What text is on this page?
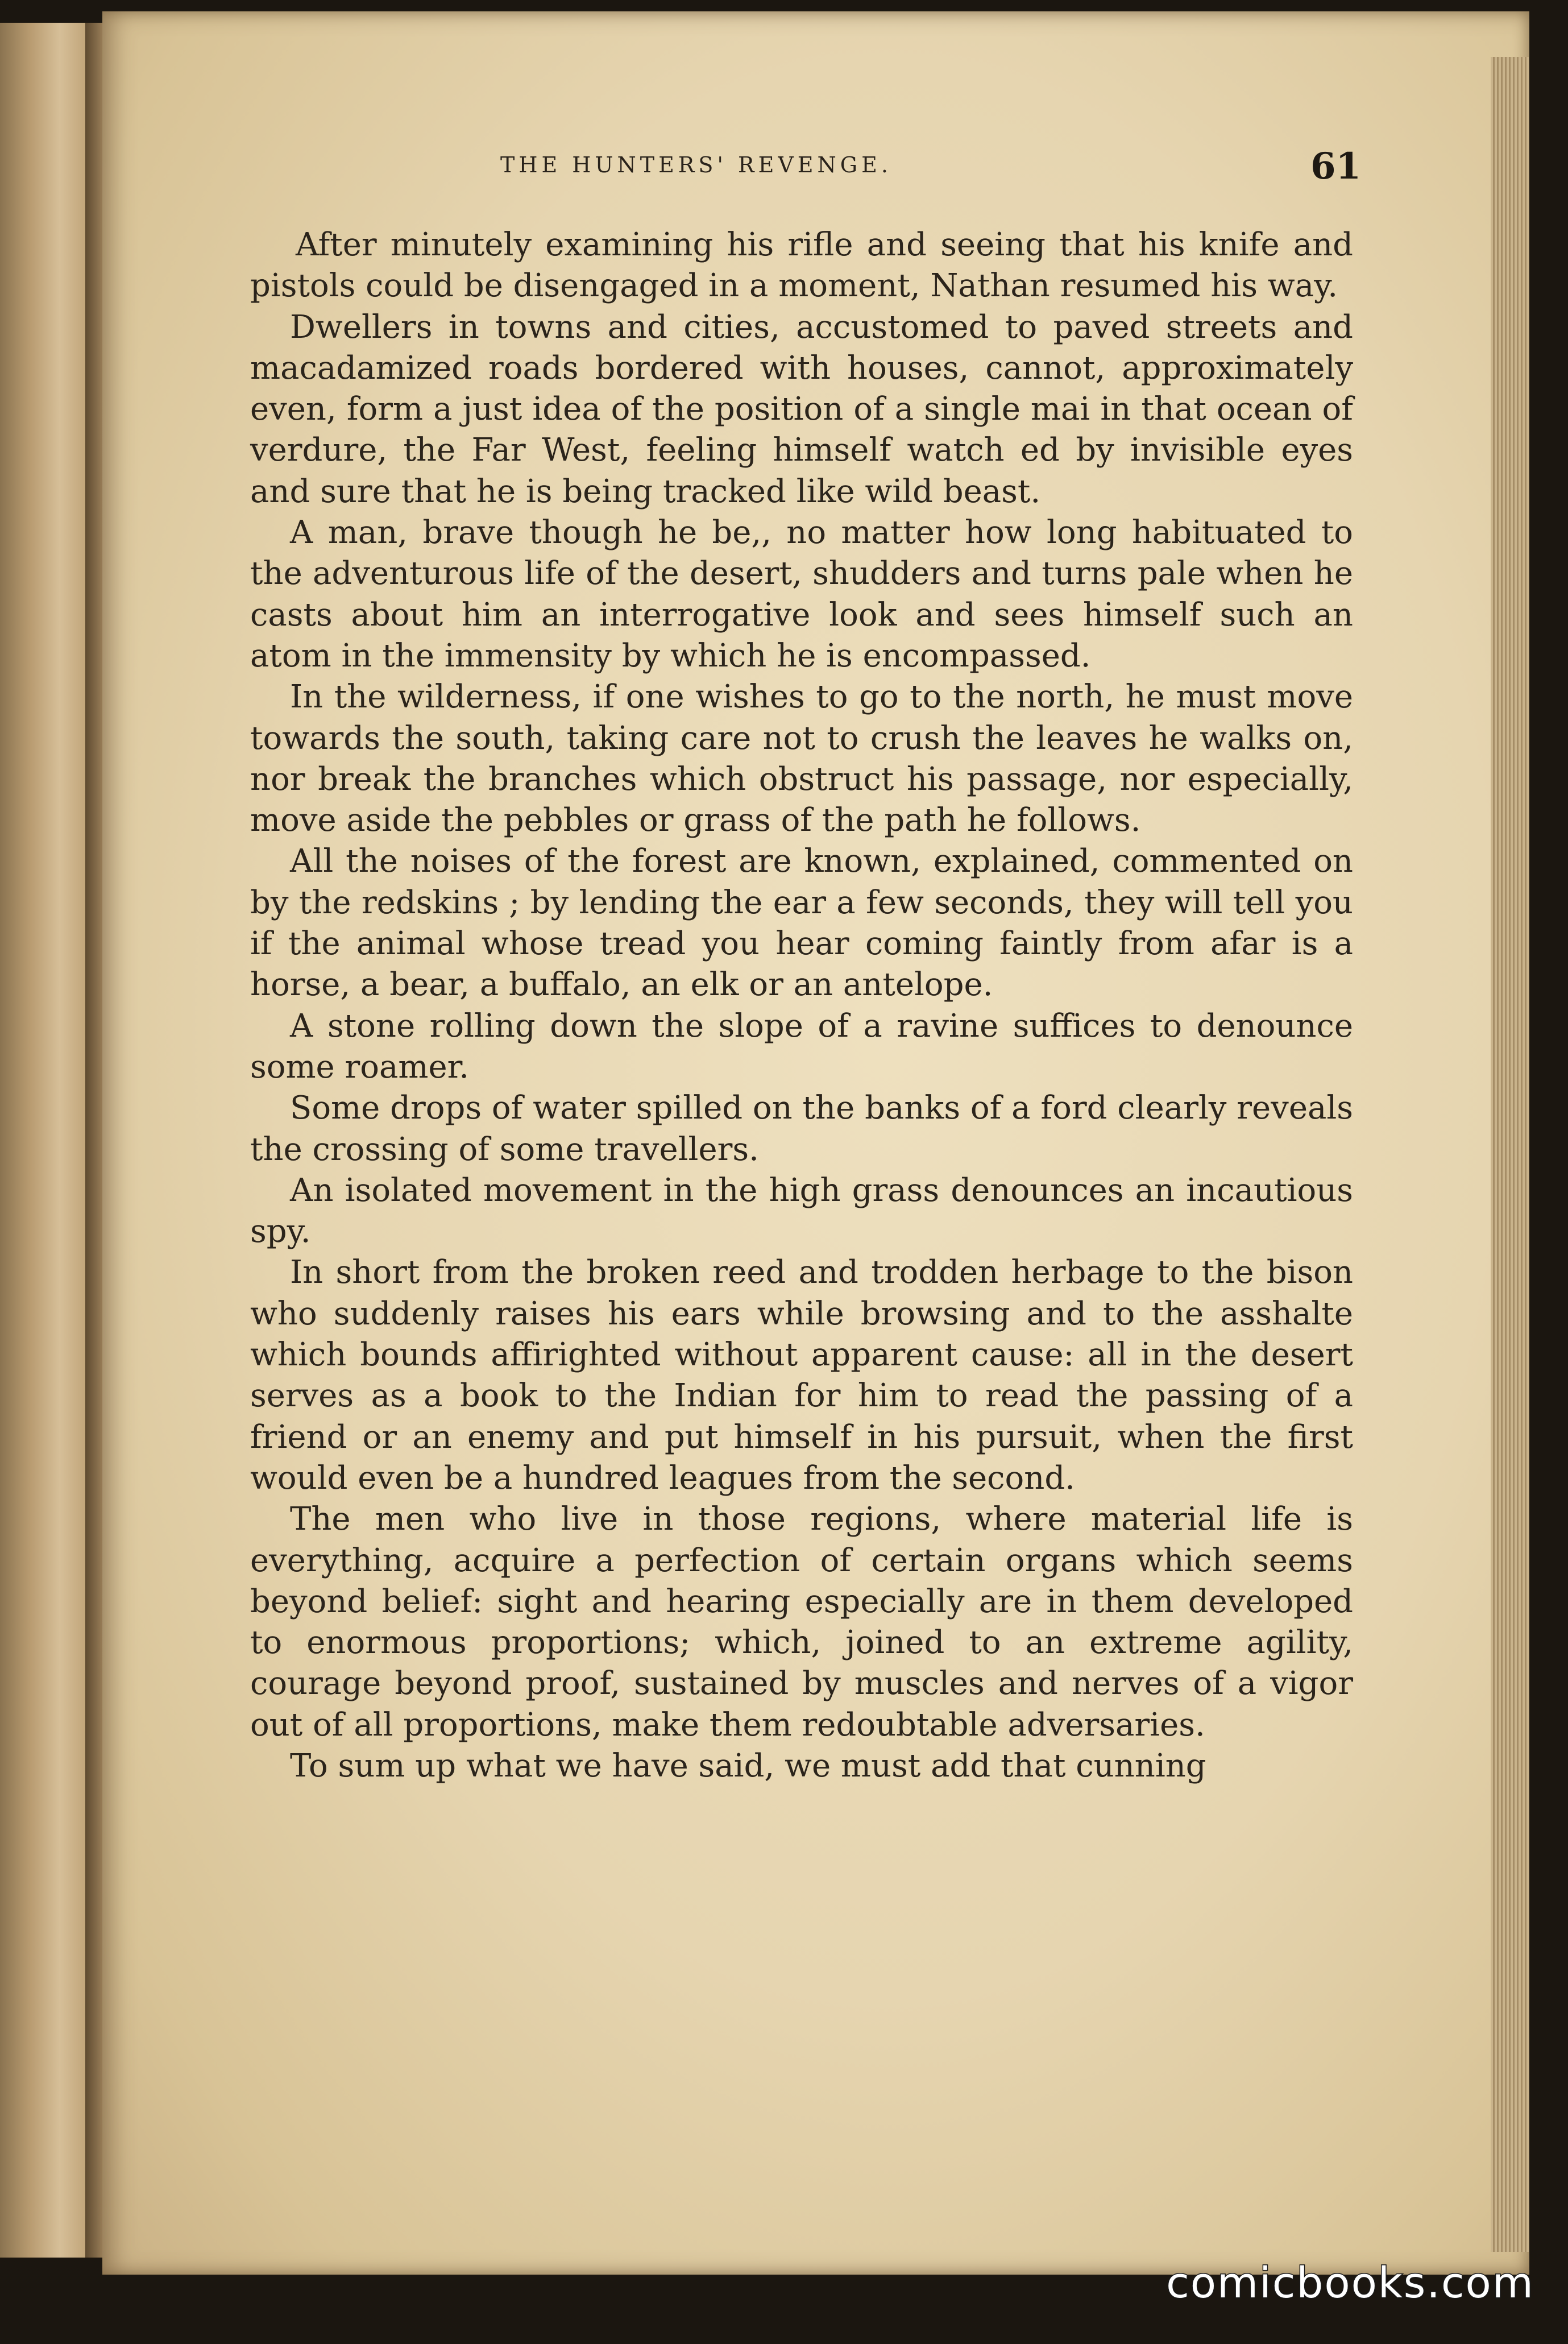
THE HUNTERS' REVENGE.	61

After minutely examining his rifle and seeing that his knife and pistols could be disengaged in a moment, Nathan resumed his way.

Dwellers in towns and cities, accustomed to paved streets and macadamized roads bordered with houses, cannot, approximately even, form a just idea of the position of a single mai in that ocean of verdure, the Far West, feeling himself watch ed by invisible eyes and sure that he is being tracked like wild beast.

A man, brave though he be,, no matter how long habituated to the adventurous life of the desert, shudders and turns pale when he casts about him an interrogative look and sees himself such an atom in the immensity by which he is encompassed.

In the wilderness, if one wishes to go to the north, he must move towards the south, taking care not to crush the leaves he walks on, nor break the branches which obstruct his passage, nor especially, move aside the pebbles or grass of the path he follows.

All the noises of the forest are known, explained, commented on by the redskins ; by lending the ear a few seconds, they will tell you if the animal whose tread you hear coming faintly from afar is a horse, a bear, a buffalo, an elk or an antelope.

A stone rolling down the slope of a ravine suffices to denounce some roamer.

Some drops of water spilled on the banks of a ford clearly reveals the crossing of some travellers.

An isolated movement in the high grass denounces an incautious spy.

In short from the broken reed and trodden herbage to the bison who suddenly raises his ears while browsing and to the asshalte which bounds affirighted without apparent cause: all in the desert serves as a book to the Indian for him to read the passing of a friend or an enemy and put himself in his pursuit, when the first would even be a hundred leagues from the second.

The men who live in those regions, where material life is everything, acquire a perfection of certain organs which seems beyond belief: sight and hearing especially are in them developed to enormous proportions; which, joined to an extreme agility, courage beyond proof, sustained by muscles and nerves of a vigor out of all proportions, make them redoubtable adversaries.

To sum up what we have said, we must add that cunning

comicbooks.com
